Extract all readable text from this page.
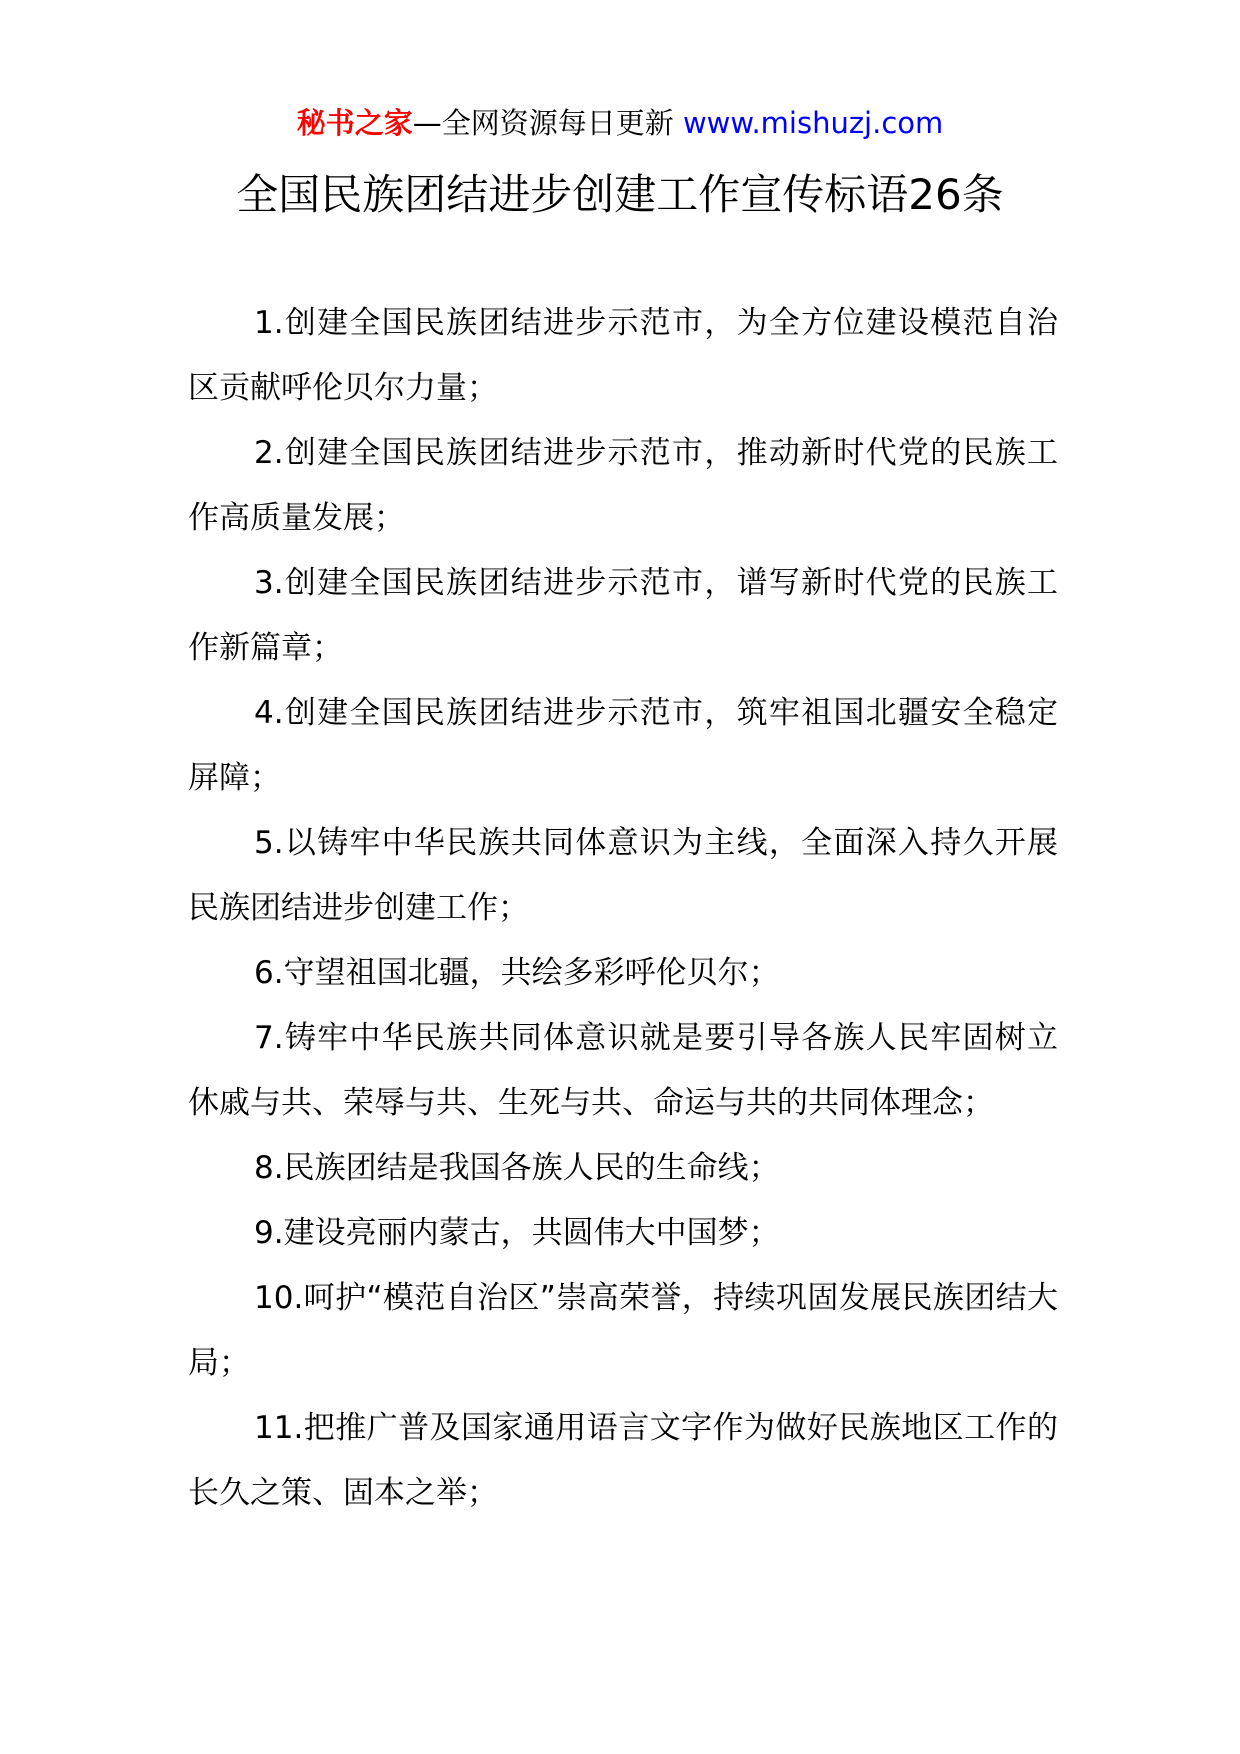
秘书之家—全网资源每日更新 www.mishuzj.com
全国民族团结进步创建工作宣传标语26条

1.创建全国民族团结进步示范市，为全方位建设模范自治区贡献呼伦贝尔力量；

2.创建全国民族团结进步示范市，推动新时代党的民族工作高质量发展；

3.创建全国民族团结进步示范市，谱写新时代党的民族工作新篇章；

4.创建全国民族团结进步示范市，筑牢祖国北疆安全稳定屏障；

5.以铸牢中华民族共同体意识为主线，全面深入持久开展民族团结进步创建工作；

6.守望祖国北疆，共绘多彩呼伦贝尔；

7.铸牢中华民族共同体意识就是要引导各族人民牢固树立休戚与共、荣辱与共、生死与共、命运与共的共同体理念；

8.民族团结是我国各族人民的生命线；

9.建设亮丽内蒙古，共圆伟大中国梦；

10.呵护“模范自治区”崇高荣誉，持续巩固发展民族团结大局；

11.把推广普及国家通用语言文字作为做好民族地区工作的长久之策、固本之举；
